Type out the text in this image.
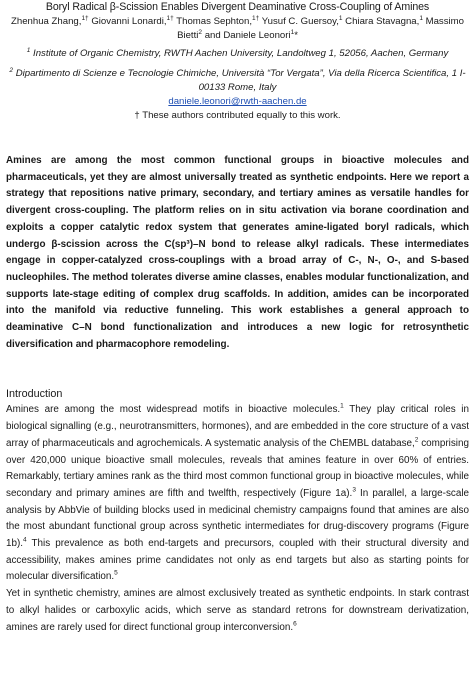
Boryl Radical β-Scission Enables Divergent Deaminative Cross-Coupling of Amines

Zhenhua Zhang,$^{1\dagger}$ Giovanni Lonardi,$^{1\dagger}$ Thomas Sephton,$^{1\dagger}$ Yusuf C. Guersoy,$^1$ Chiara Stavagna,$^1$ Massimo Bietti$^2$ and Daniele Leonori$^1$*

$^1$ Institute of Organic Chemistry, RWTH Aachen University, Landoltweg 1, 52056, Aachen, Germany

$^2$ Dipartimento di Scienze e Tecnologie Chimiche, Università “Tor Vergata”, Via della Ricerca Scientifica, 1 I-00133 Rome, Italy

daniele.leonori@rwth-aachen.de

† These authors contributed equally to this work.

Amines are among the most common functional groups in bioactive molecules and pharmaceuticals, yet they are almost universally treated as synthetic endpoints. Here we report a strategy that repositions native primary, secondary, and tertiary amines as versatile handles for divergent cross-coupling. The platform relies on in situ activation via borane coordination and exploits a copper catalytic redox system that generates amine-ligated boryl radicals, which undergo β-scission across the C(sp³)–N bond to release alkyl radicals. These intermediates engage in copper-catalyzed cross-couplings with a broad array of C-, N-, O-, and S-based nucleophiles. The method tolerates diverse amine classes, enables modular functionalization, and supports late-stage editing of complex drug scaffolds. In addition, amides can be incorporated into the manifold via reductive funneling. This work establishes a general approach to deaminative C–N bond functionalization and introduces a new logic for retrosynthetic diversification and pharmacophore remodeling.

Introduction

Amines are among the most widespread motifs in bioactive molecules.$^1$ They play critical roles in biological signalling (e.g., neurotransmitters, hormones), and are embedded in the core structure of a vast array of pharmaceuticals and agrochemicals. A systematic analysis of the ChEMBL database,$^2$ comprising over 420,000 unique bioactive small molecules, reveals that amines feature in over 60% of entries. Remarkably, tertiary amines rank as the third most common functional group in bioactive molecules, while secondary and primary amines are fifth and twelfth, respectively (Figure 1a).$^3$ In parallel, a large-scale analysis by AbbVie of building blocks used in medicinal chemistry campaigns found that amines are also the most abundant functional group across synthetic intermediates for drug-discovery programs (Figure 1b).$^4$ This prevalence as both end-targets and precursors, coupled with their structural diversity and accessibility, makes amines prime candidates not only as end targets but also as starting points for molecular diversification.$^5$

Yet in synthetic chemistry, amines are almost exclusively treated as synthetic endpoints. In stark contrast to alkyl halides or carboxylic acids, which serve as standard retrons for downstream derivatization, amines are rarely used for direct functional group interconversion.$^6$
